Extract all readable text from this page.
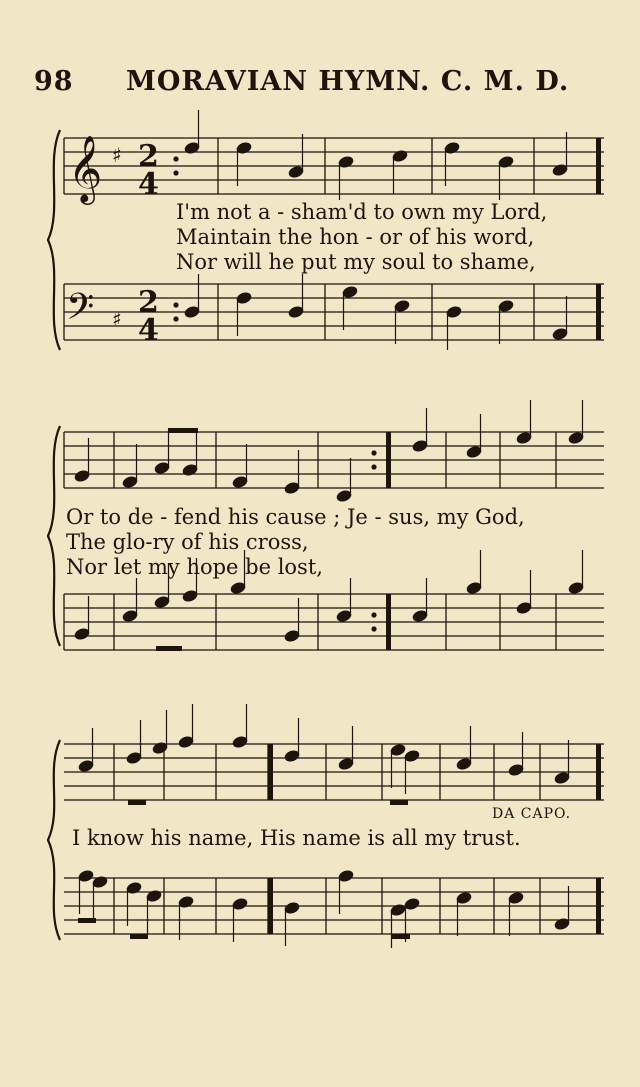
98 MORAVIAN HYMN. C. M. D.
𝄞 ♯ 2
4
𝄢 ♯ 2
4
I'm not a - sham'd to own my Lord,
Maintain the hon - or of his word,
Nor will he put my soul to shame,
Or to de - fend his cause ; Je - sus, my God,
The glo-ry of his cross,
Nor let my hope be lost,
DA CAPO.
I know his name, His name is all my trust.
